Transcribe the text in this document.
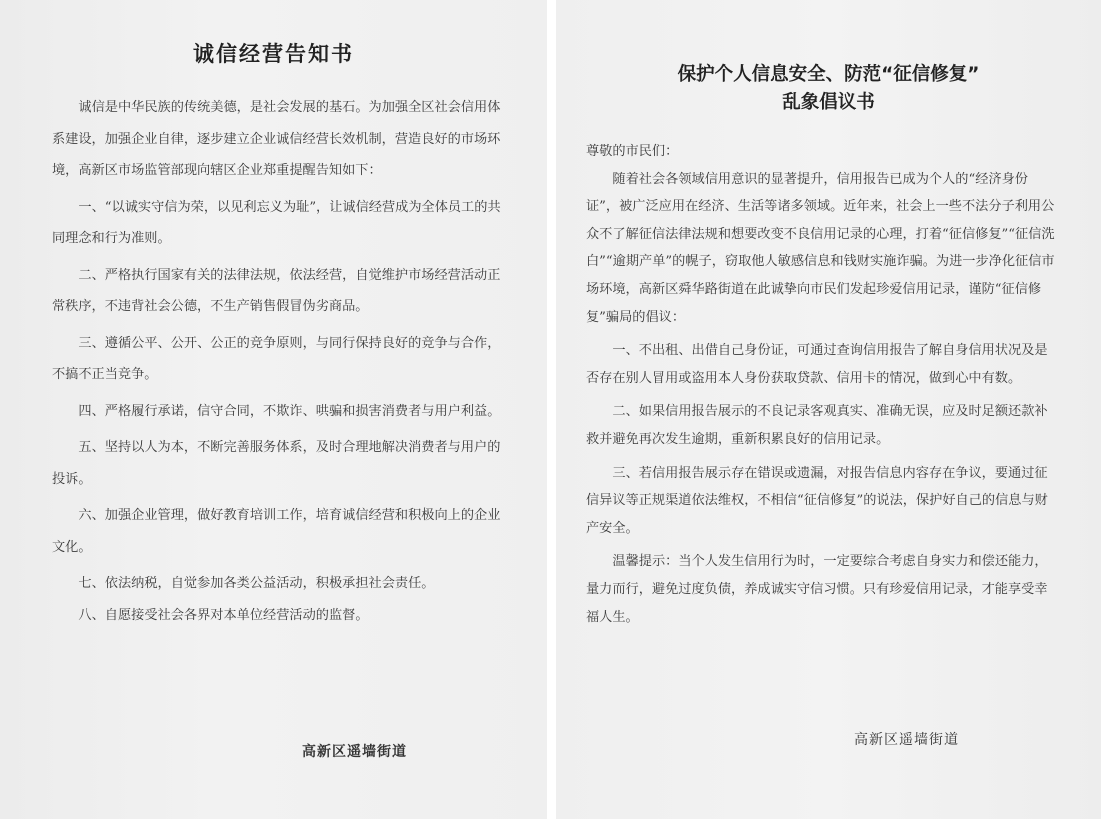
诚信经营告知书

诚信是中华民族的传统美德，是社会发展的基石。为加强全区社会信用体系建设，加强企业自律，逐步建立企业诚信经营长效机制，营造良好的市场环境，高新区市场监管部现向辖区企业郑重提醒告知如下：

一、“以诚实守信为荣，以见利忘义为耻”，让诚信经营成为全体员工的共同理念和行为准则。

二、严格执行国家有关的法律法规，依法经营，自觉维护市场经营活动正常秩序，不违背社会公德，不生产销售假冒伪劣商品。

三、遵循公平、公开、公正的竞争原则，与同行保持良好的竞争与合作，不搞不正当竞争。

四、严格履行承诺，信守合同，不欺诈、哄骗和损害消费者与用户利益。

五、坚持以人为本，不断完善服务体系，及时合理地解决消费者与用户的投诉。

六、加强企业管理，做好教育培训工作，培育诚信经营和积极向上的企业文化。

七、依法纳税，自觉参加各类公益活动，积极承担社会责任。

八、自愿接受社会各界对本单位经营活动的监督。

高新区遥墙街道
保护个人信息安全、防范“征信修复”
乱象倡议书

尊敬的市民们：

随着社会各领域信用意识的显著提升，信用报告已成为个人的“经济身份证”，被广泛应用在经济、生活等诸多领域。近年来，社会上一些不法分子利用公众不了解征信法律法规和想要改变不良信用记录的心理，打着“征信修复”“征信洗白”“逾期产单”的幌子，窃取他人敏感信息和钱财实施诈骗。为进一步净化征信市场环境，高新区舜华路街道在此诚挚向市民们发起珍爱信用记录，谨防“征信修复”骗局的倡议：

一、不出租、出借自己身份证，可通过查询信用报告了解自身信用状况及是否存在别人冒用或盗用本人身份获取贷款、信用卡的情况，做到心中有数。

二、如果信用报告展示的不良记录客观真实、准确无误，应及时足额还款补救并避免再次发生逾期，重新积累良好的信用记录。

三、若信用报告展示存在错误或遗漏，对报告信息内容存在争议，要通过征信异议等正规渠道依法维权，不相信“征信修复”的说法，保护好自己的信息与财产安全。

温馨提示：当个人发生信用行为时，一定要综合考虑自身实力和偿还能力，量力而行，避免过度负债，养成诚实守信习惯。只有珍爱信用记录，才能享受幸福人生。

高新区遥墙街道
